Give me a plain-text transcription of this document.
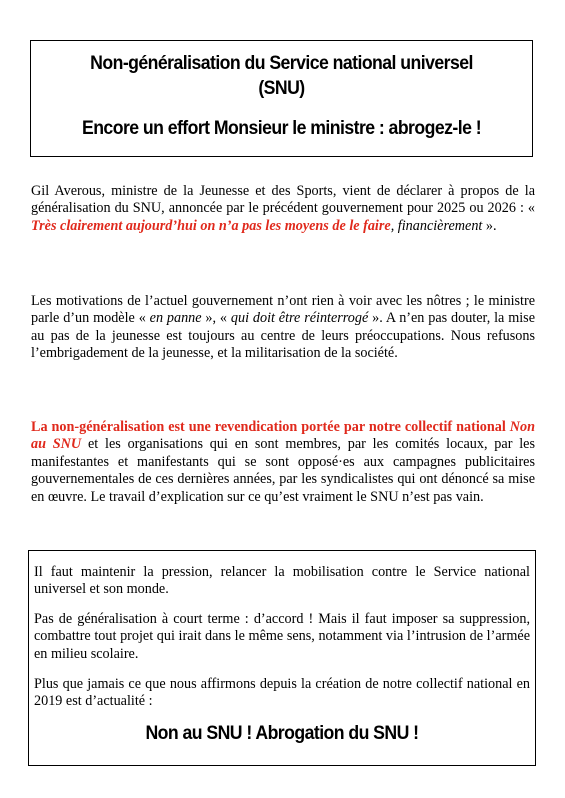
Non-généralisation du Service national universel
(SNU)
Encore un effort Monsieur le ministre : abrogez-le !
Gil Averous, ministre de la Jeunesse et des Sports, vient de déclarer à propos de la généralisation du SNU, annoncée par le précédent gouvernement pour 2025 ou 2026 : « Très clairement aujourd’hui on n’a pas les moyens de le faire, financièrement ».
Les motivations de l’actuel gouvernement n’ont rien à voir avec les nôtres ; le ministre parle d’un modèle « en panne », « qui doit être réinterrogé ». A n’en pas douter, la mise au pas de la jeunesse est toujours au centre de leurs préoccupations. Nous refusons l’embrigadement de la jeunesse, et la militarisation de la société.
La non-généralisation est une revendication portée par notre collectif national Non au SNU et les organisations qui en sont membres, par les comités locaux, par les manifestantes et manifestants qui se sont opposé·es aux campagnes publicitaires gouvernementales de ces dernières années, par les syndicalistes qui ont dénoncé sa mise en œuvre. Le travail d’explication sur ce qu’est vraiment le SNU n’est pas vain.
Il faut maintenir la pression, relancer la mobilisation contre le Service national universel et son monde.
Pas de généralisation à court terme : d’accord ! Mais il faut imposer sa suppression, combattre tout projet qui irait dans le même sens, notamment via l’intrusion de l’armée en milieu scolaire.
Plus que jamais ce que nous affirmons depuis la création de notre collectif national en 2019 est d’actualité :
Non au SNU ! Abrogation du SNU !
